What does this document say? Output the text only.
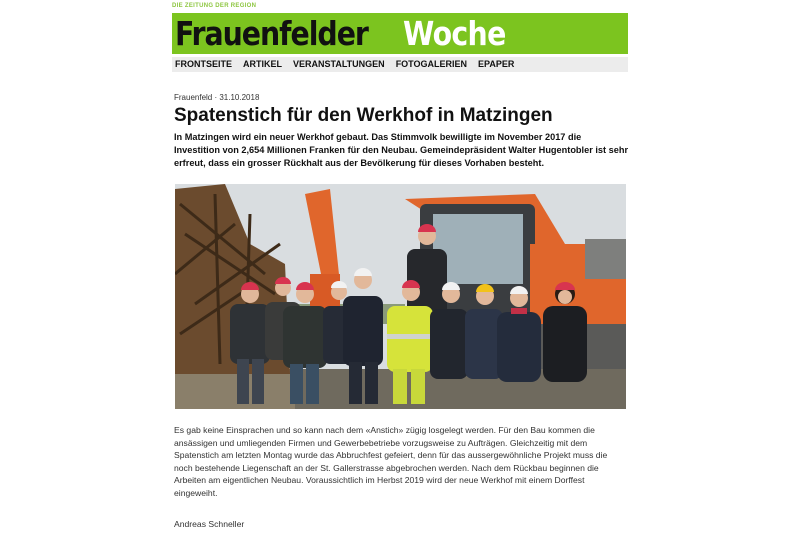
DIE ZEITUNG DER REGION
Frauenfelder Woche
FRONTSEITE ARTIKEL VERANSTALTUNGEN FOTOGALERIEN EPAPER
Frauenfeld · 31.10.2018
Spatenstich für den Werkhof in Matzingen

In Matzingen wird ein neuer Werkhof gebaut. Das Stimmvolk bewilligte im November 2017 die Investition von 2,654 Millionen Franken für den Neubau. Gemeindepräsident Walter Hugentobler ist sehr erfreut, dass ein grosser Rückhalt aus der Bevölkerung für dieses Vorhaben besteht.

Es gab keine Einsprachen und so kann nach dem «Anstich» zügig losgelegt werden. Für den Bau kommen die ansässigen und umliegenden Firmen und Gewerbebetriebe vorzugsweise zu Aufträgen. Gleichzeitig mit dem Spatenstich am letzten Montag wurde das Abbruchfest gefeiert, denn für das aussergewöhnliche Projekt muss die noch bestehende Liegenschaft an der St. Gallerstrasse abgebrochen werden. Nach dem Rückbau beginnen die Arbeiten am eigentlichen Neubau. Voraussichtlich im Herbst 2019 wird der neue Werkhof mit einem Dorffest eingeweiht.

Andreas Schneller
